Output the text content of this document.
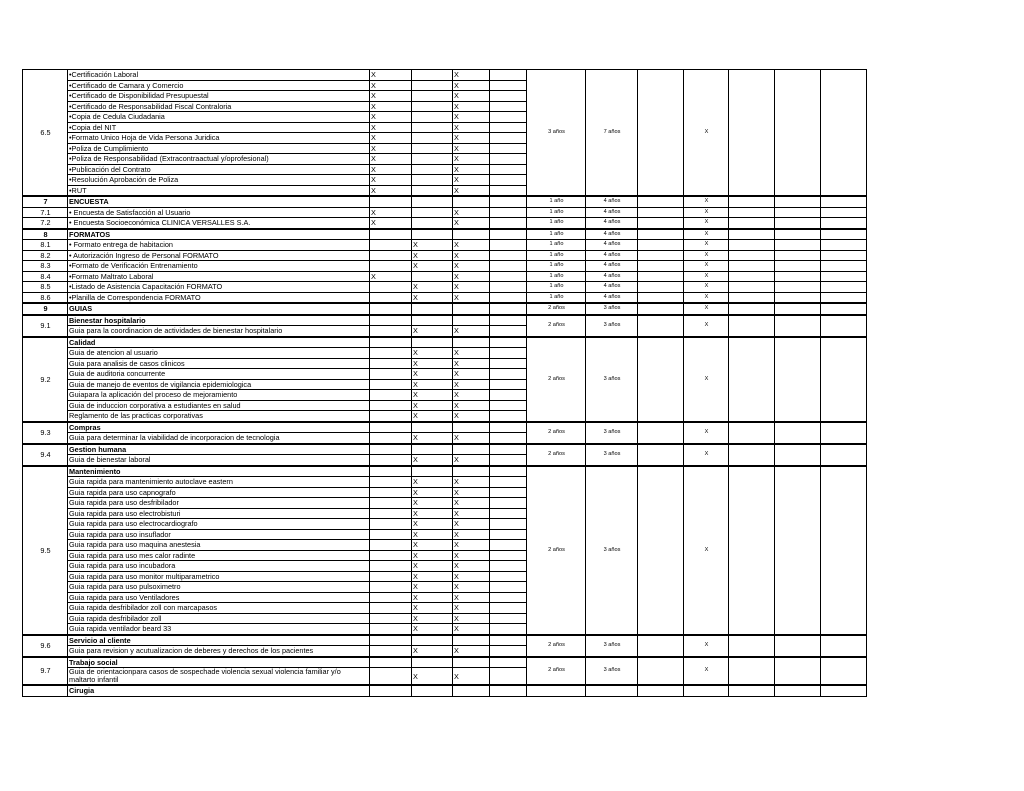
6.5	•Certificación Laboral	X		X		3 años	7 años		X			
	•Certificado de Camara y Comercio	X		X								
	•Certificado de Disponibilidad Presupuestal	X		X								
	•Certificado de Responsabilidad Fiscal Contraloria	X		X								
	•Copia de Cedula Ciudadania	X		X								
	•Copia del NIT	X		X								
	•Formato Unico Hoja de Vida Persona Juridica	X		X								
	•Poliza de Cumplimiento	X		X								
	•Poliza de Responsabilidad (Extracontraactual y/oprofesional)	X		X								
	•Publicación del Contrato	X		X								
	•Resolución Aprobación de Poliza	X		X								
	•RUT	X		X								
7	ENCUESTA					1 año	4 años		X			
7.1	• Encuesta de Satisfacción al Usuario	X		X		1 año	4 años		X			
7.2	• Encuesta Socioeconómica CLINICA VERSALLES S.A.	X		X		1 año	4 años		X			
8	FORMATOS					1 año	4 años		X			
8.1	• Formato entrega de habitacion		X	X		1 año	4 años		X			
8.2	• Autorización Ingreso de Personal FORMATO		X	X		1 año	4 años		X			
8.3	•Formato de Verificación Entrenamiento		X	X		1 año	4 años		X			
8.4	•Formato Maltrato Laboral	X		X		1 año	4 años		X			
8.5	•Listado de Asistencia Capacitación FORMATO		X	X		1 año	4 años		X			
8.6	•Planilla de Correspondencia FORMATO		X	X		1 año	4 años		X			
9	GUIAS					2 años	3 años		X			
9.1	Bienestar hospitalario					2 años	3 años		X			
	Guia para la coordinacion de actividades de bienestar hospitalario		X	X								
9.2	Calidad					2 años	3 años		X			
	Guia de atencion al usuario		X	X								
	Guia para analisis de casos clinicos		X	X								
	Guia de auditoria concurrente		X	X								
	Guia de manejo de eventos de vigilancia epidemiologica		X	X								
	Guiapara la aplicación del proceso de mejoramiento		X	X								
	Guia de induccion corporativa a estudiantes en salud		X	X								
	Reglamento de las practicas corporativas		X	X								
9.3	Compras					2 años	3 años		X			
	Guia para determinar la viabilidad de incorporacion de tecnologia		X	X								
9.4	Gestion humana					2 años	3 años		X			
	Guia de bienestar laboral		X	X								
9.5	Mantenimiento					2 años	3 años		X			
	Guia rapida para mantenimiento autoclave eastern		X	X								
	Guia rapida para uso capnografo		X	X								
	Guia rapida para uso desfribilador		X	X								
	Guia rapida para uso electrobisturi		X	X								
	Guia rapida para uso electrocardiografo		X	X								
	Guia rapida para uso insuflador		X	X								
	Guia rapida para uso maquina anestesia		X	X								
	Guia rapida para uso mes calor radinte		X	X								
	Guia rapida para uso incubadora		X	X								
	Guia rapida para uso monitor multiparametrico		X	X								
	Guia rapida para uso pulsoximetro		X	X								
	Guia rapida para uso Ventiladores		X	X								
	Guia rapida desfribilador zoll con marcapasos		X	X								
	Guia rapida desfribilador zoll		X	X								
	Guia rapida ventilador beard 33		X	X								
9.6	Servicio al cliente					2 años	3 años		X			
	Guia para revision y acutualizacion de deberes y derechos de los pacientes		X	X								
9.7	Trabajo social					2 años	3 años		X			
	Guia de orientacionpara casos de sospechade violencia sexual violencia familiar y/o maltarto infantil		X	X								
	Cirugia											
